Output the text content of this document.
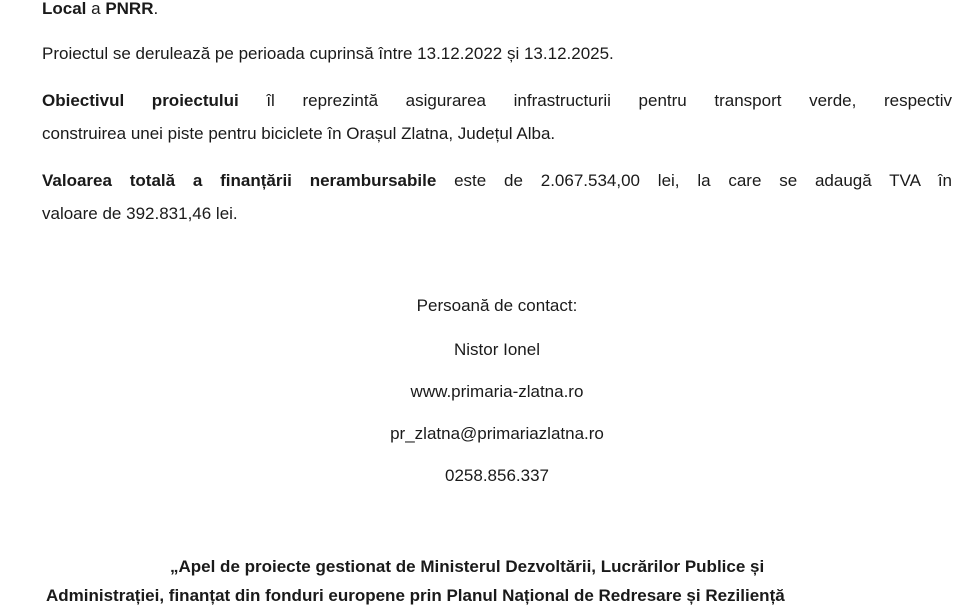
Local a PNRR.
Proiectul se derulează pe perioada cuprinsă între 13.12.2022 și 13.12.2025.
Obiectivul proiectului îl reprezintă asigurarea infrastructurii pentru transport verde, respectiv
construirea unei piste pentru biciclete în Orașul Zlatna, Județul Alba.
Valoarea totală a finanțării nerambursabile este de 2.067.534,00 lei, la care se adaugă TVA în
valoare de 392.831,46 lei.
Persoană de contact:
Nistor Ionel
www.primaria-zlatna.ro
pr_zlatna@primariazlatna.ro
0258.856.337
„Apel de proiecte gestionat de Ministerul Dezvoltării, Lucrărilor Publice și
Administrației, finanțat din fonduri europene prin Planul Național de Redresare și Reziliență
